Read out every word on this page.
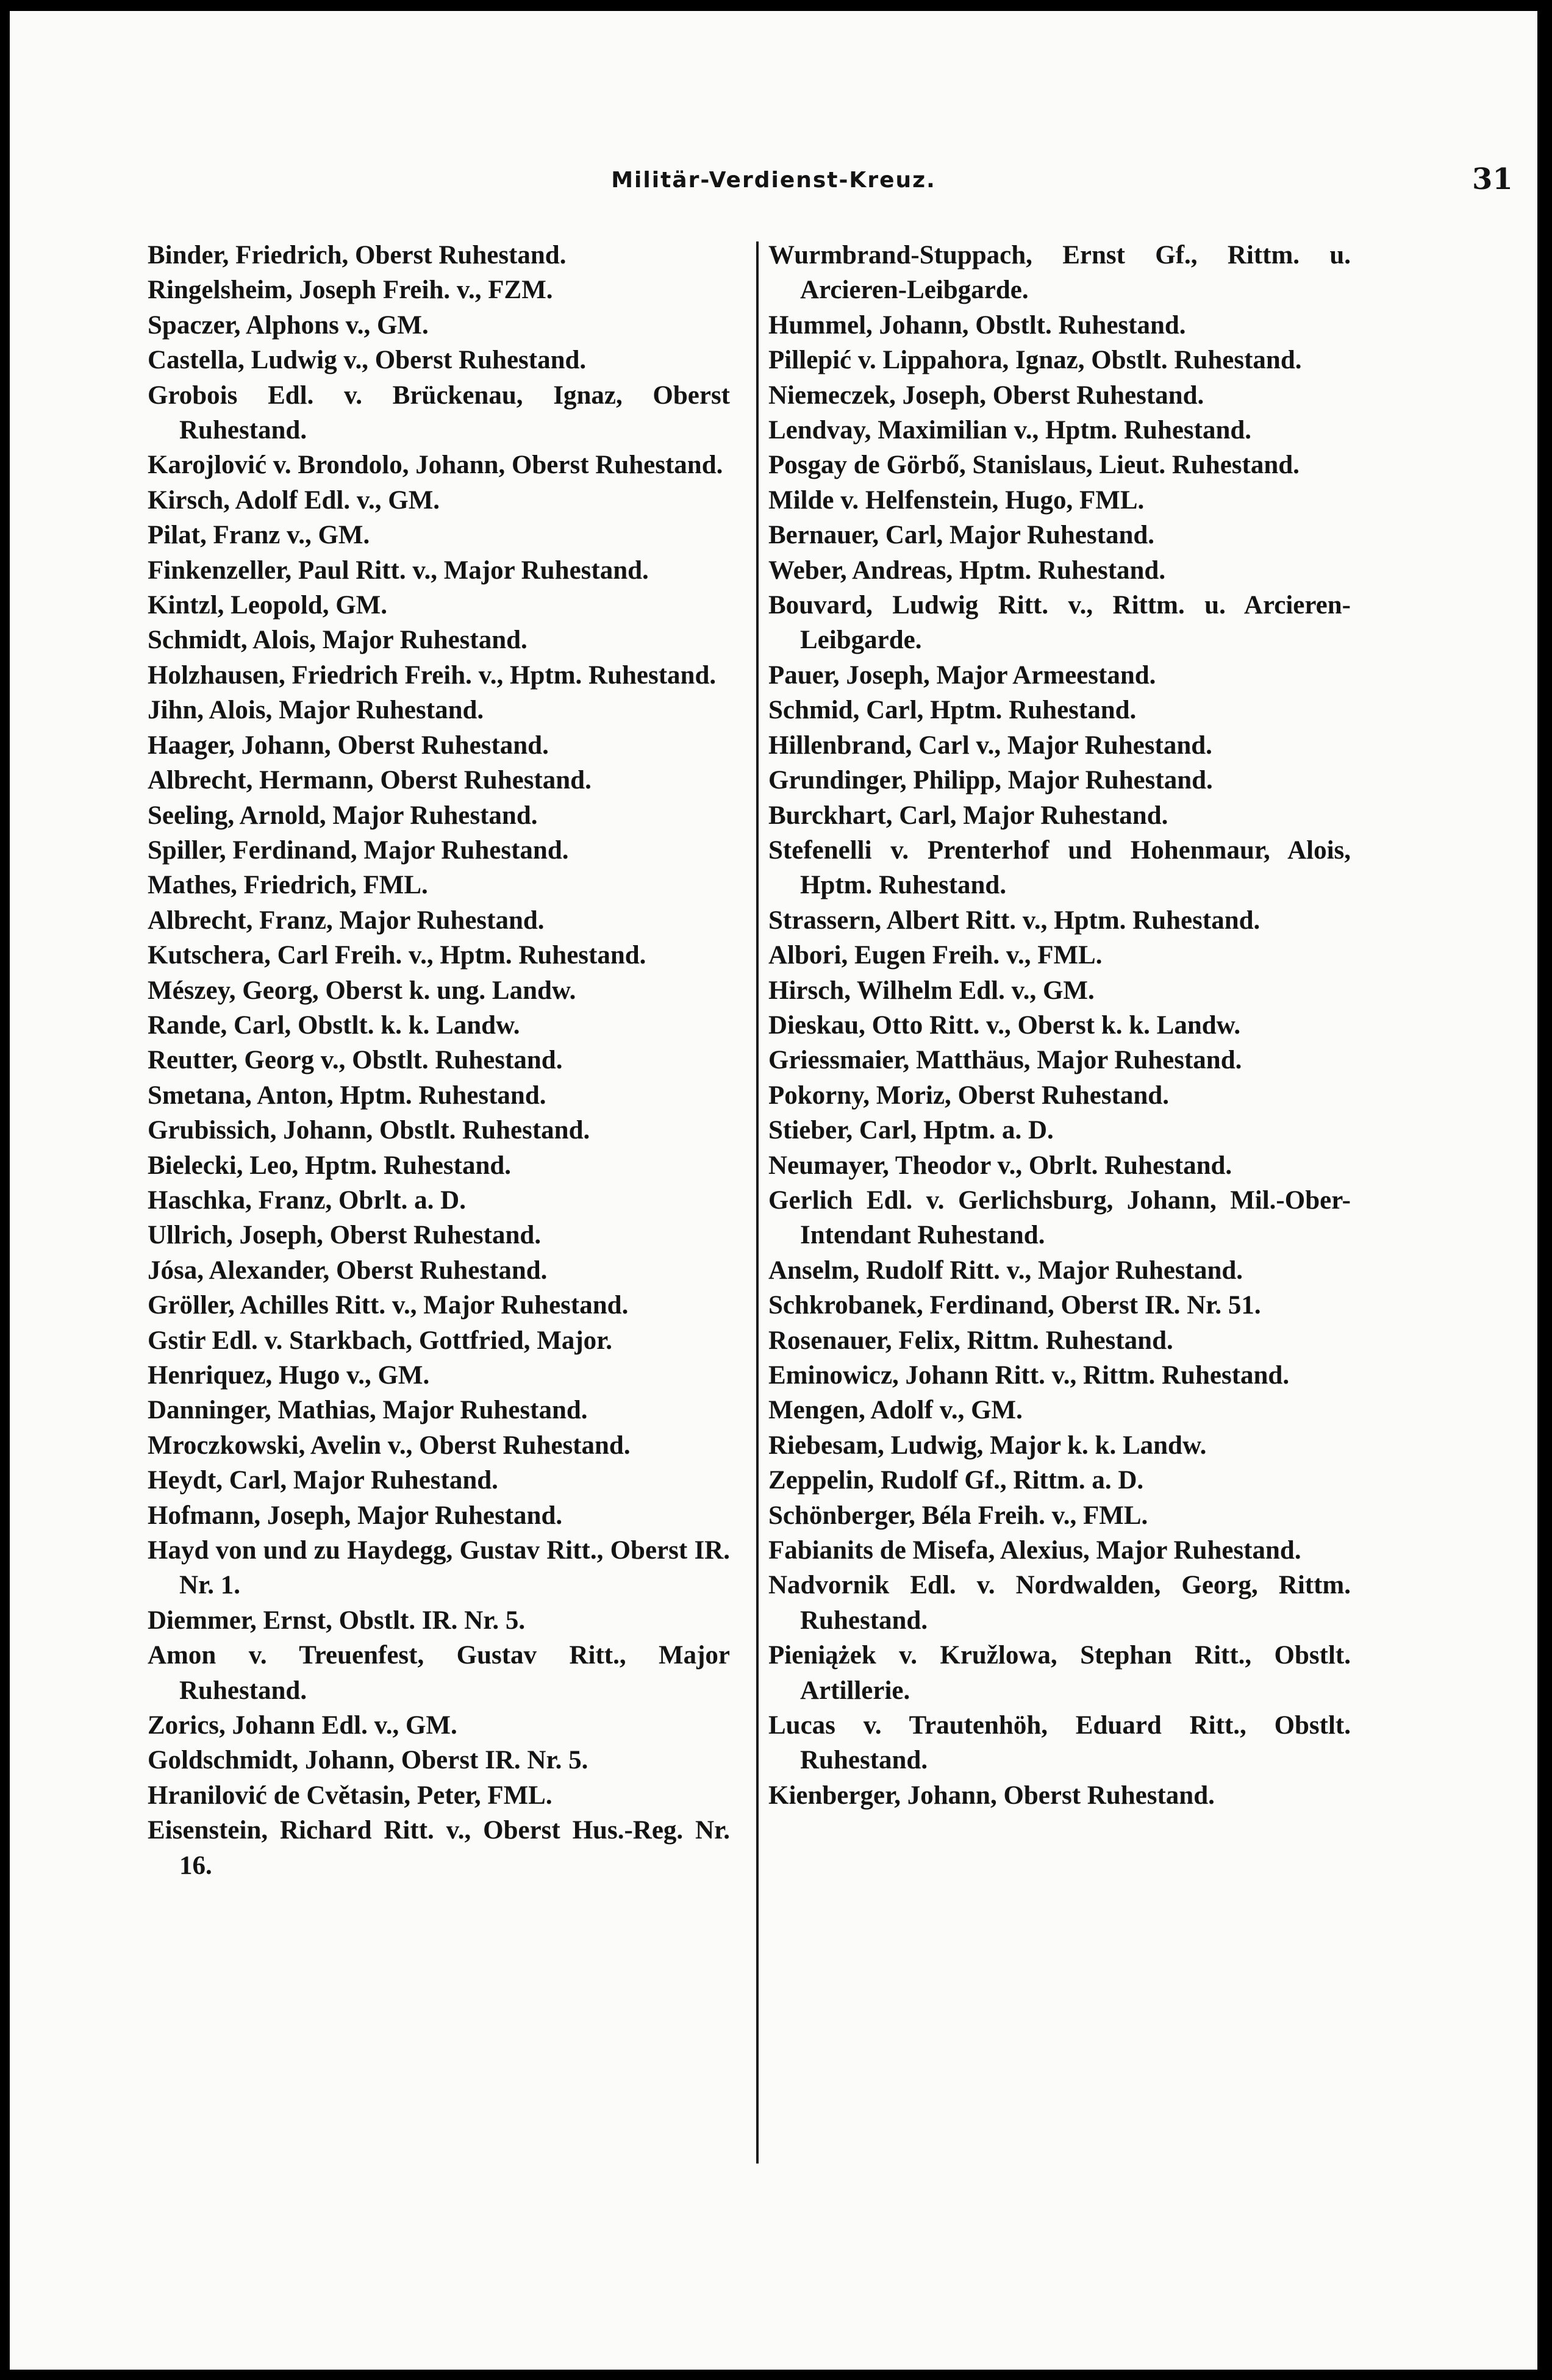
Militär-Verdienst-Kreuz.	31

Binder, Friedrich, Oberst Ruhestand.

Ringelsheim, Joseph Freih. v., FZM.

Spaczer, Alphons v., GM.

Castella, Ludwig v., Oberst Ruhestand.

Grobois Edl. v. Brückenau, Ignaz, Oberst Ruhestand.

Karojlović v. Brondolo, Johann, Oberst Ruhestand.

Kirsch, Adolf Edl. v., GM.

Pilat, Franz v., GM.

Finkenzeller, Paul Ritt. v., Major Ruhestand.

Kintzl, Leopold, GM.

Schmidt, Alois, Major Ruhestand.

Holzhausen, Friedrich Freih. v., Hptm. Ruhestand.

Jihn, Alois, Major Ruhestand.

Haager, Johann, Oberst Ruhestand.

Albrecht, Hermann, Oberst Ruhestand.

Seeling, Arnold, Major Ruhestand.

Spiller, Ferdinand, Major Ruhestand.

Mathes, Friedrich, FML.

Albrecht, Franz, Major Ruhestand.

Kutschera, Carl Freih. v., Hptm. Ruhestand.

Mészey, Georg, Oberst k. ung. Landw.

Rande, Carl, Obstlt. k. k. Landw.

Reutter, Georg v., Obstlt. Ruhestand.

Smetana, Anton, Hptm. Ruhestand.

Grubissich, Johann, Obstlt. Ruhestand.

Bielecki, Leo, Hptm. Ruhestand.

Haschka, Franz, Obrlt. a. D.

Ullrich, Joseph, Oberst Ruhestand.

Jósa, Alexander, Oberst Ruhestand.

Gröller, Achilles Ritt. v., Major Ruhestand.

Gstir Edl. v. Starkbach, Gottfried, Major.

Henriquez, Hugo v., GM.

Danninger, Mathias, Major Ruhestand.

Mroczkowski, Avelin v., Oberst Ruhestand.

Heydt, Carl, Major Ruhestand.

Hofmann, Joseph, Major Ruhestand.

Hayd von und zu Haydegg, Gustav Ritt., Oberst IR. Nr. 1.

Diemmer, Ernst, Obstlt. IR. Nr. 5.

Amon v. Treuenfest, Gustav Ritt., Major Ruhestand.

Zorics, Johann Edl. v., GM.

Goldschmidt, Johann, Oberst IR. Nr. 5.

Hranilović de Cvětasin, Peter, FML.

Eisenstein, Richard Ritt. v., Oberst Hus.-Reg. Nr. 16.

Wurmbrand-Stuppach, Ernst Gf., Rittm. u. Arcieren-Leibgarde.

Hummel, Johann, Obstlt. Ruhestand.

Pillepić v. Lippahora, Ignaz, Obstlt. Ruhestand.

Niemeczek, Joseph, Oberst Ruhestand.

Lendvay, Maximilian v., Hptm. Ruhestand.

Posgay de Görbő, Stanislaus, Lieut. Ruhestand.

Milde v. Helfenstein, Hugo, FML.

Bernauer, Carl, Major Ruhestand.

Weber, Andreas, Hptm. Ruhestand.

Bouvard, Ludwig Ritt. v., Rittm. u. Arcieren-Leibgarde.

Pauer, Joseph, Major Armeestand.

Schmid, Carl, Hptm. Ruhestand.

Hillenbrand, Carl v., Major Ruhestand.

Grundinger, Philipp, Major Ruhestand.

Burckhart, Carl, Major Ruhestand.

Stefenelli v. Prenterhof und Hohenmaur, Alois, Hptm. Ruhestand.

Strassern, Albert Ritt. v., Hptm. Ruhestand.

Albori, Eugen Freih. v., FML.

Hirsch, Wilhelm Edl. v., GM.

Dieskau, Otto Ritt. v., Oberst k. k. Landw.

Griessmaier, Matthäus, Major Ruhestand.

Pokorny, Moriz, Oberst Ruhestand.

Stieber, Carl, Hptm. a. D.

Neumayer, Theodor v., Obrlt. Ruhestand.

Gerlich Edl. v. Gerlichsburg, Johann, Mil.-Ober-Intendant Ruhestand.

Anselm, Rudolf Ritt. v., Major Ruhestand.

Schkrobanek, Ferdinand, Oberst IR. Nr. 51.

Rosenauer, Felix, Rittm. Ruhestand.

Eminowicz, Johann Ritt. v., Rittm. Ruhestand.

Mengen, Adolf v., GM.

Riebesam, Ludwig, Major k. k. Landw.

Zeppelin, Rudolf Gf., Rittm. a. D.

Schönberger, Béla Freih. v., FML.

Fabianits de Misefa, Alexius, Major Ruhestand.

Nadvornik Edl. v. Nordwalden, Georg, Rittm. Ruhestand.

Pieniążek v. Kružlowa, Stephan Ritt., Obstlt. Artillerie.

Lucas v. Trautenhöh, Eduard Ritt., Obstlt. Ruhestand.

Kienberger, Johann, Oberst Ruhestand.
